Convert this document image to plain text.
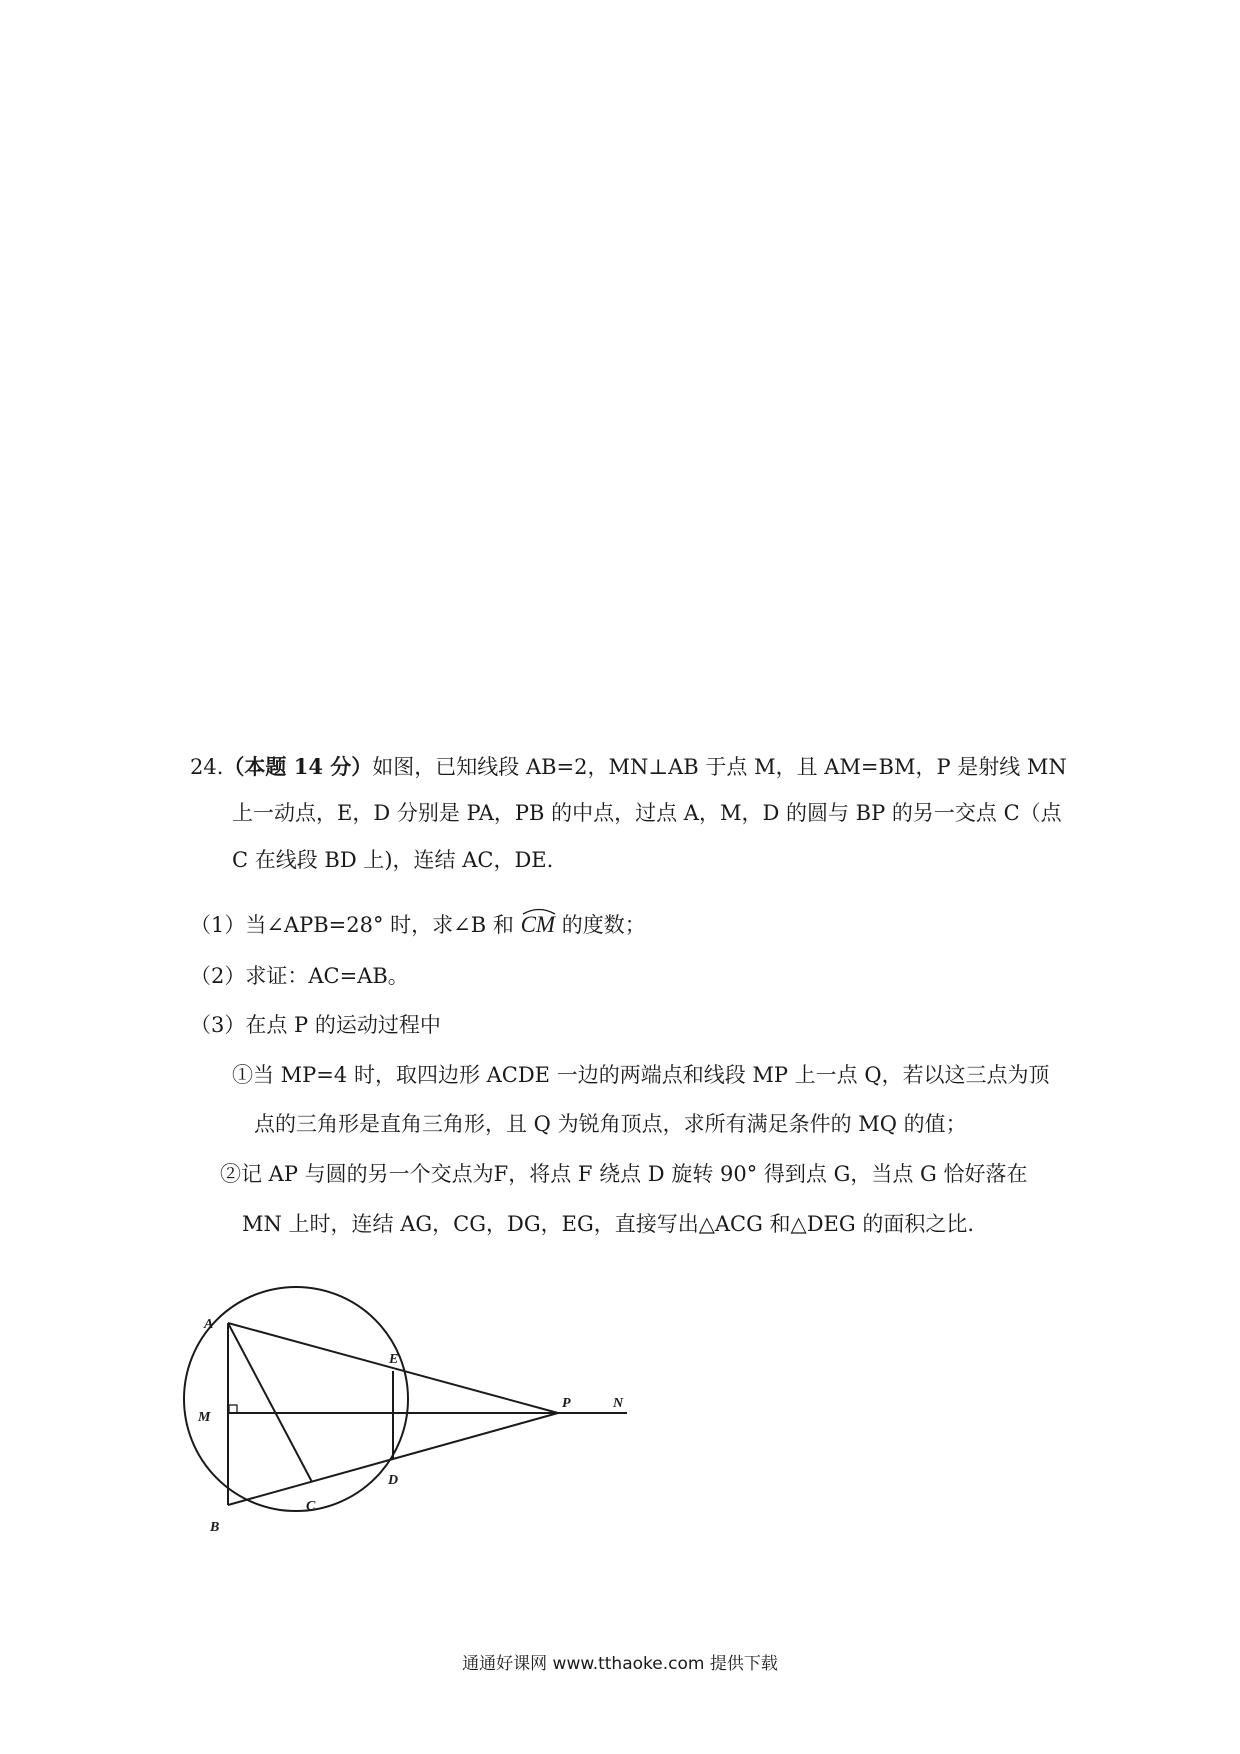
24.（本题 14 分）如图，已知线段 AB=2，MN⊥AB 于点 M，且 AM=BM，P 是射线 MN
上一动点，E，D 分别是 PA，PB 的中点，过点 A，M，D 的圆与 BP 的另一交点 C（点
C 在线段 BD 上)，连结 AC，DE.
（1）当∠APB=28° 时，求∠B 和 CM 的度数；
（2）求证：AC=AB。
（3）在点 P 的运动过程中
①当 MP=4 时，取四边形 ACDE 一边的两端点和线段 MP 上一点 Q，若以这三点为顶
点的三角形是直角三角形，且 Q 为锐角顶点，求所有满足条件的 MQ 的值；
②记 AP 与圆的另一个交点为F，将点 F 绕点 D 旋转 90° 得到点 G，当点 G 恰好落在
MN 上时，连结 AG，CG，DG，EG，直接写出△ACG 和△DEG 的面积之比.
A
M
B
C
D
E
P	N
通通好课网 www.tthaoke.com 提供下载
